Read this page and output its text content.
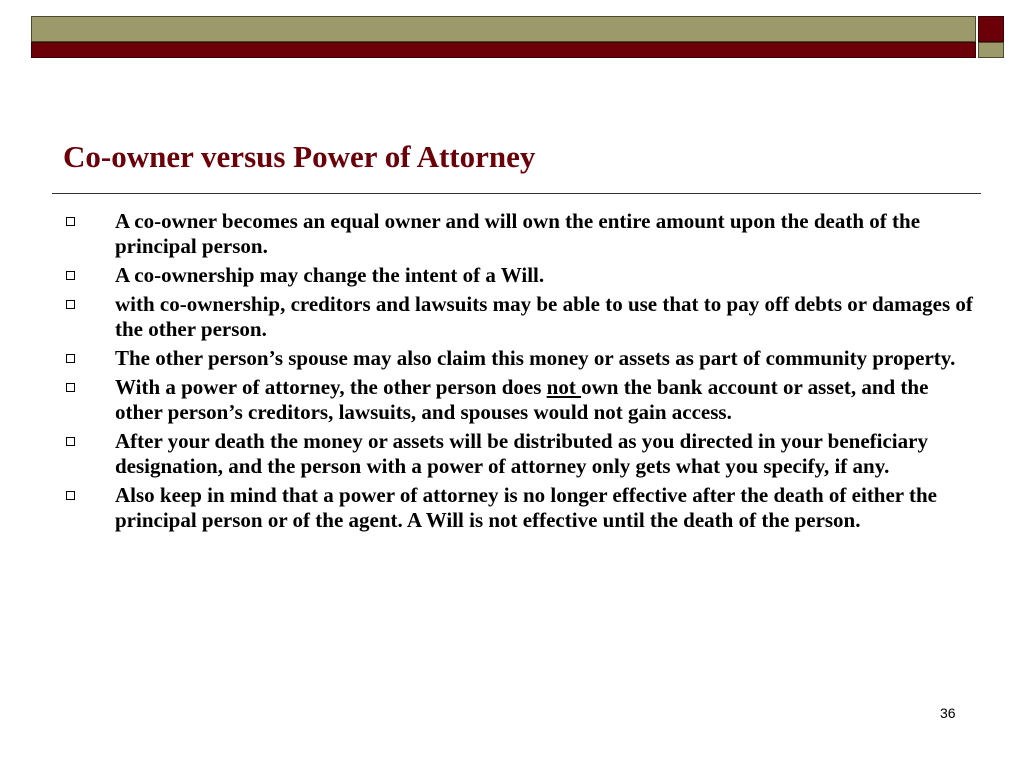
Co-owner versus Power of Attorney
A co-owner becomes an equal owner and will own the entire amount upon the death of the principal person.
A co-ownership may change the intent of a Will.
with co-ownership, creditors and lawsuits may be able to use that to pay off debts or damages of the other person.
The other person’s spouse may also claim this money or assets as part of community property.
With a power of attorney, the other person does not own the bank account or asset, and the other person’s creditors, lawsuits, and spouses would not gain access.
After your death the money or assets will be distributed as you directed in your beneficiary designation, and the person with a power of attorney only gets what you specify, if any.
Also keep in mind that a power of attorney is no longer effective after the death of either the principal person or of the agent. A Will is not effective until the death of the person.
36
